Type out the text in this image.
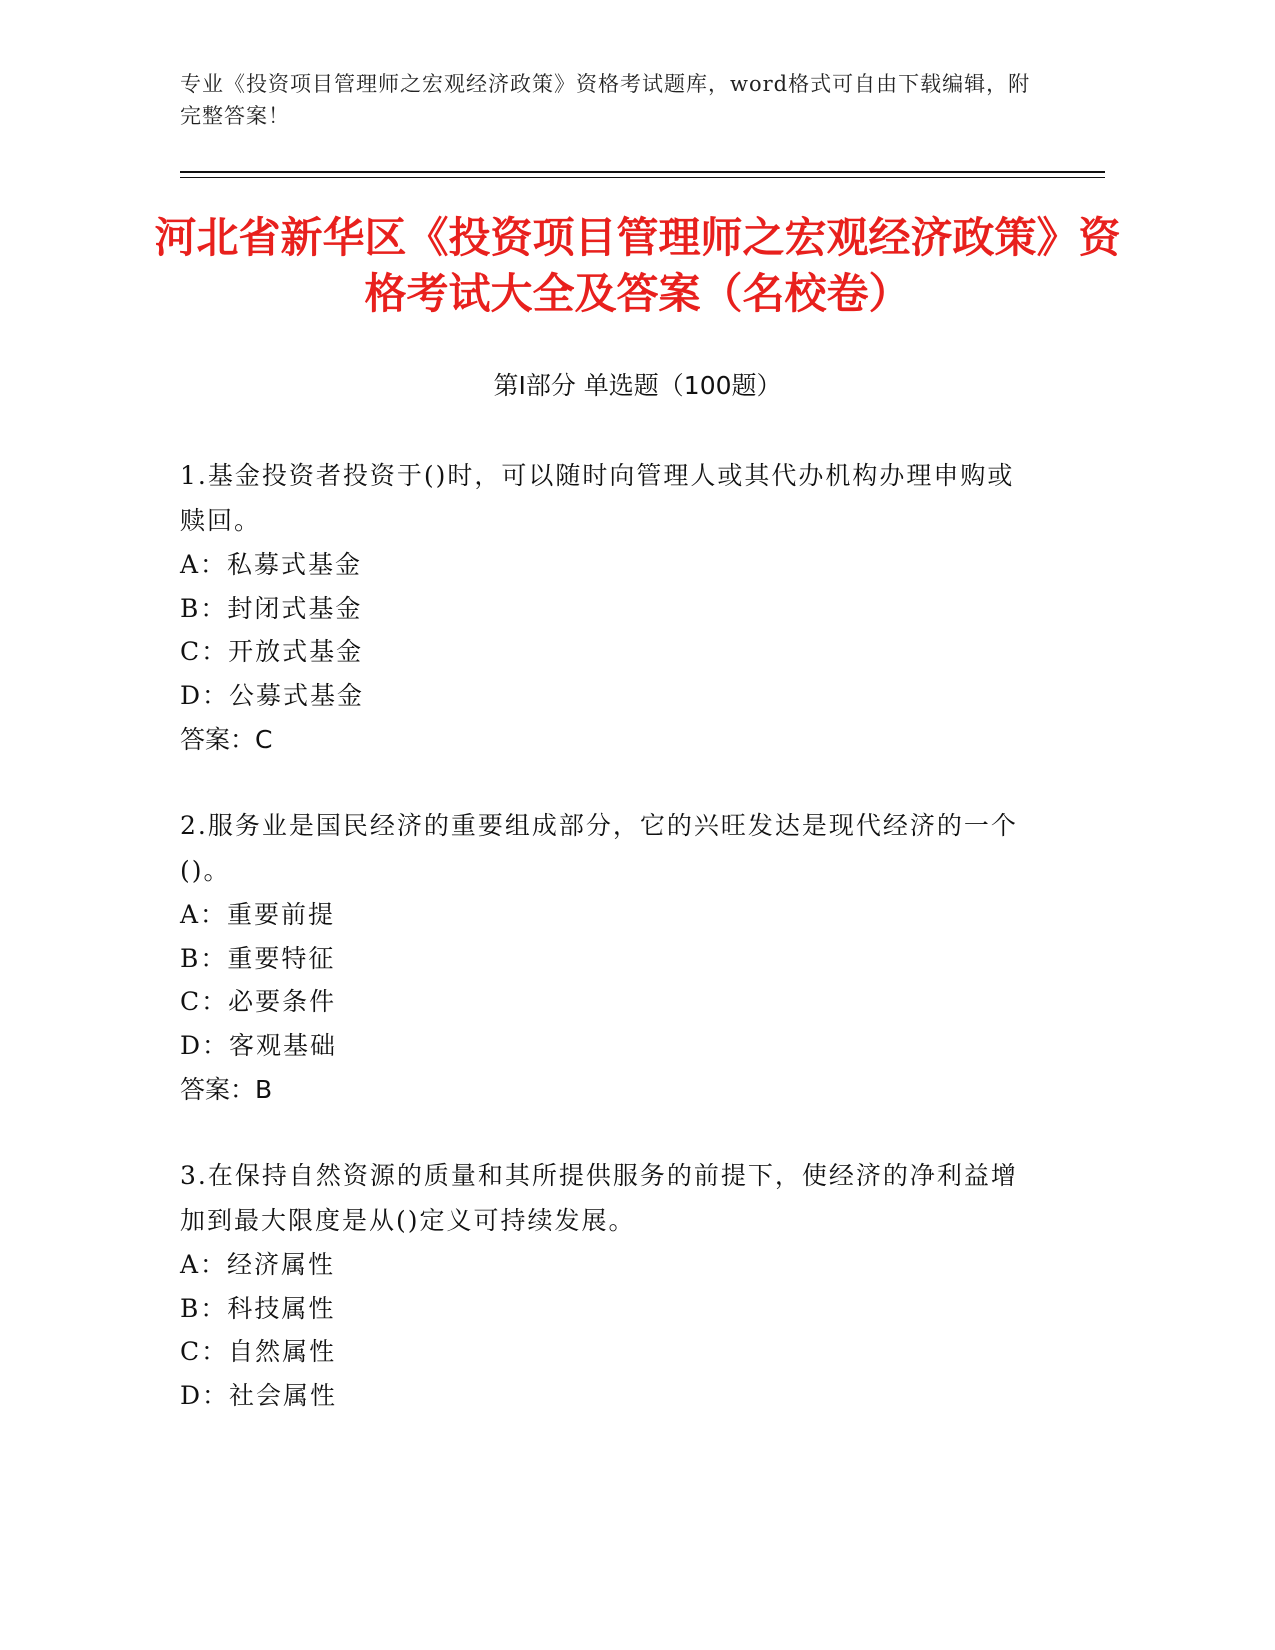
专业《投资项目管理师之宏观经济政策》资格考试题库，word格式可自由下载编辑，附完整答案！
河北省新华区《投资项目管理师之宏观经济政策》资格考试大全及答案（名校卷）
第Ⅰ部分 单选题（100题）

1.基金投资者投资于()时，可以随时向管理人或其代办机构办理申购或赎回。

A：私募式基金

B：封闭式基金

C：开放式基金

D：公募式基金

答案：C

2.服务业是国民经济的重要组成部分，它的兴旺发达是现代经济的一个()。

A：重要前提

B：重要特征

C：必要条件

D：客观基础

答案：B

3.在保持自然资源的质量和其所提供服务的前提下，使经济的净利益增加到最大限度是从()定义可持续发展。

A：经济属性

B：科技属性

C：自然属性

D：社会属性
